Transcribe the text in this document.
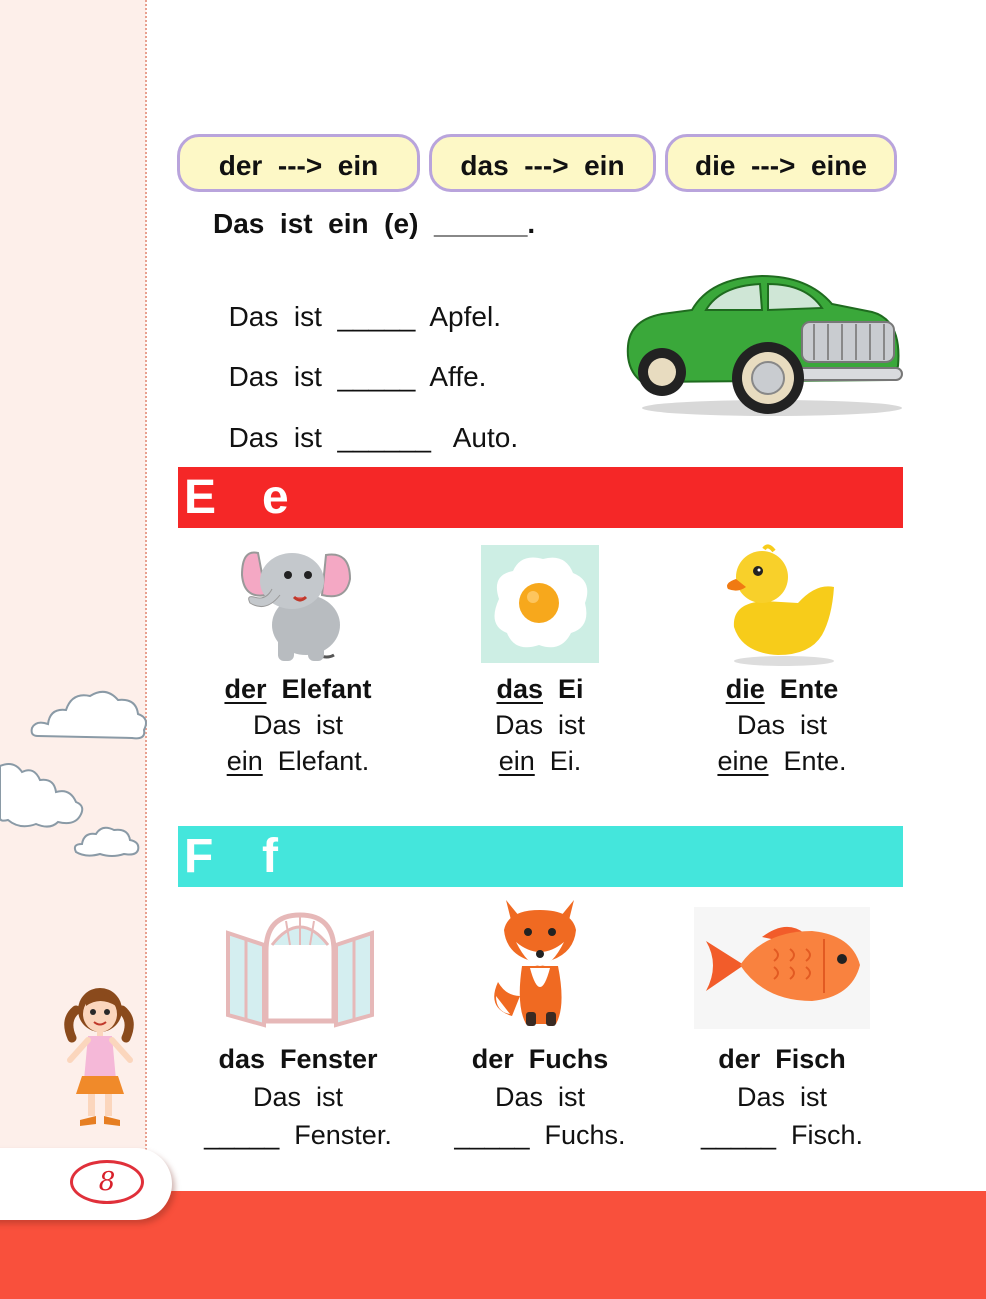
der ---> ein	das ---> ein	die ---> eine
Das  ist  ein  (e)  ______.

Das  ist _____ Apfel.

Das  ist _____ Affe.

Das  ist ______ Auto.

E e
der Elefant
Das  ist
ein Elefant.
das Ei
Das  ist
ein Ei.
die Ente
Das  ist
eine Ente.
F f
das  Fenster
Das  ist
_____ Fenster.
der  Fuchs
Das  ist
_____ Fuchs.
der  Fisch
Das  ist
_____ Fisch.
8
